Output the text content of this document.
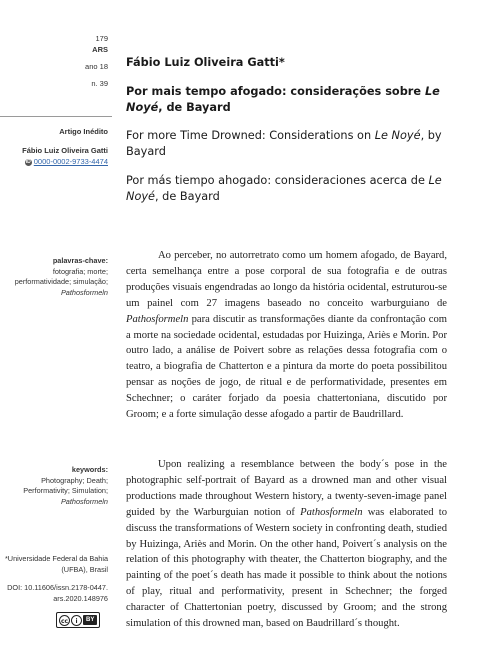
179
ARS
ano 18
n. 39
Artigo Inédito
Fábio Luiz Oliveira Gatti
iD 0000-0002-9733-4474
Fábio Luiz Oliveira Gatti*
Por mais tempo afogado: considerações sobre Le Noyé, de Bayard
For more Time Drowned: Considerations on Le Noyé, by Bayard
Por más tiempo ahogado: consideraciones acerca de Le Noyé, de Bayard
palavras-chave:
fotografia; morte; performatividade; simulação;
Pathosformeln

Ao perceber, no autorretrato como um homem afogado, de Bayard, certa semelhança entre a pose corporal de sua fotografia e de outras produções visuais engendradas ao longo da história ocidental, estruturou-se um painel com 27 imagens baseado no conceito warburguiano de Pathosformeln para discutir as transformações diante da confrontação com a morte na sociedade ocidental, estudadas por Huizinga, Ariès e Morin. Por outro lado, a análise de Poivert sobre as relações dessa fotografia com o teatro, a biografia de Chatterton e a pintura da morte do poeta possibilitou pensar as noções de jogo, de ritual e de performatividade, presentes em Schechner; o caráter forjado da poesia chattertoniana, discutido por Groom; e a forte simulação desse afogado a partir de Baudrillard.

keywords:
Photography; Death; Performativity; Simulation;
Pathosformeln

Upon realizing a resemblance between the body´s pose in the photographic self-portrait of Bayard as a drowned man and other visual productions made throughout Western history, a twenty-seven-image panel guided by the Warburguian notion of Pathosformeln was elaborated to discuss the transformations of Western society in confronting death, studied by Huizinga, Ariès and Morin. On the other hand, Poivert´s analysis on the relation of this photography with theater, the Chatterton biography, and the painting of the poet´s death has made it possible to think about the notions of play, ritual and performativity, present in Schechner; the forged character of Chattertonian poetry, discussed by Groom; and the strong simulation of this drowned man, based on Baudrillard´s thought.

*Universidade Federal da Bahia (UFBA), Brasil
DOI: 10.11606/issn.2178-0447. ars.2020.148976
cc	i	BY
